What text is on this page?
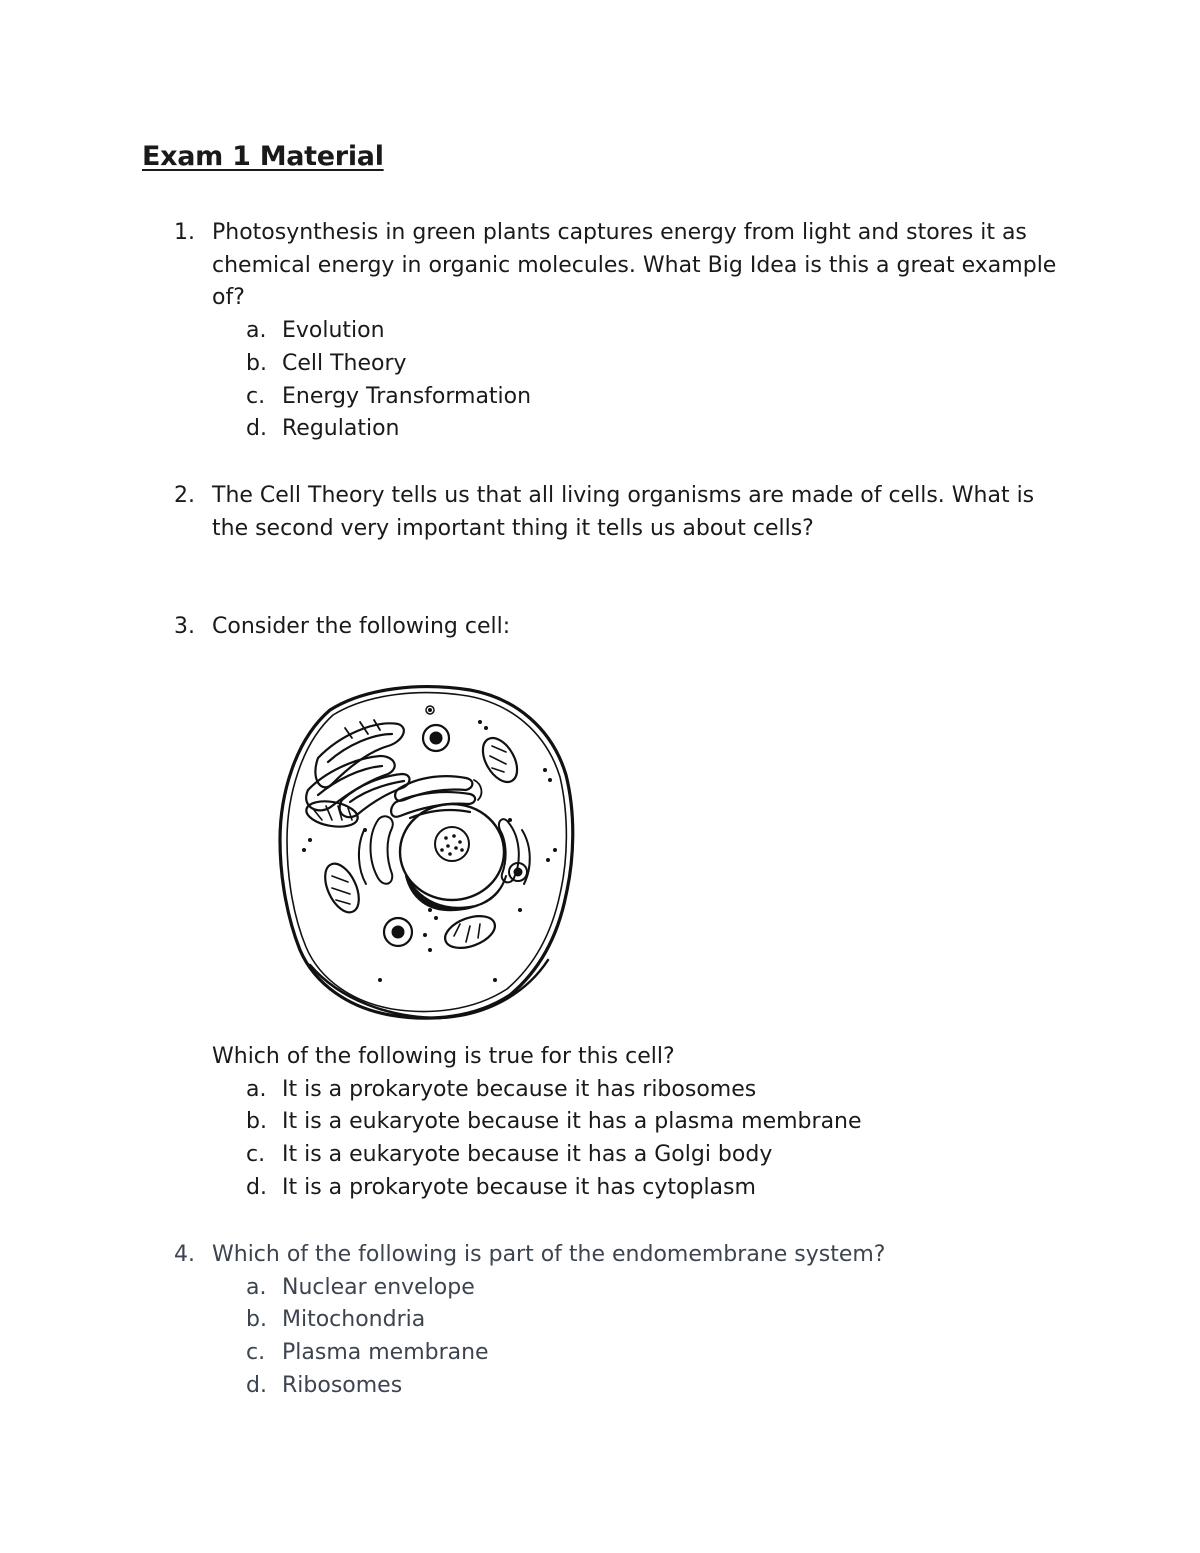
Exam 1 Material
1. Photosynthesis in green plants captures energy from light and stores it as chemical energy in organic molecules. What Big Idea is this a great example of?
a. Evolution
b. Cell Theory
c. Energy Transformation
d. Regulation
2. The Cell Theory tells us that all living organisms are made of cells. What is the second very important thing it tells us about cells?
3. Consider the following cell:
Which of the following is true for this cell?
a. It is a prokaryote because it has ribosomes
b. It is a eukaryote because it has a plasma membrane
c. It is a eukaryote because it has a Golgi body
d. It is a prokaryote because it has cytoplasm
4. Which of the following is part of the endomembrane system?
a. Nuclear envelope
b. Mitochondria
c. Plasma membrane
d. Ribosomes
